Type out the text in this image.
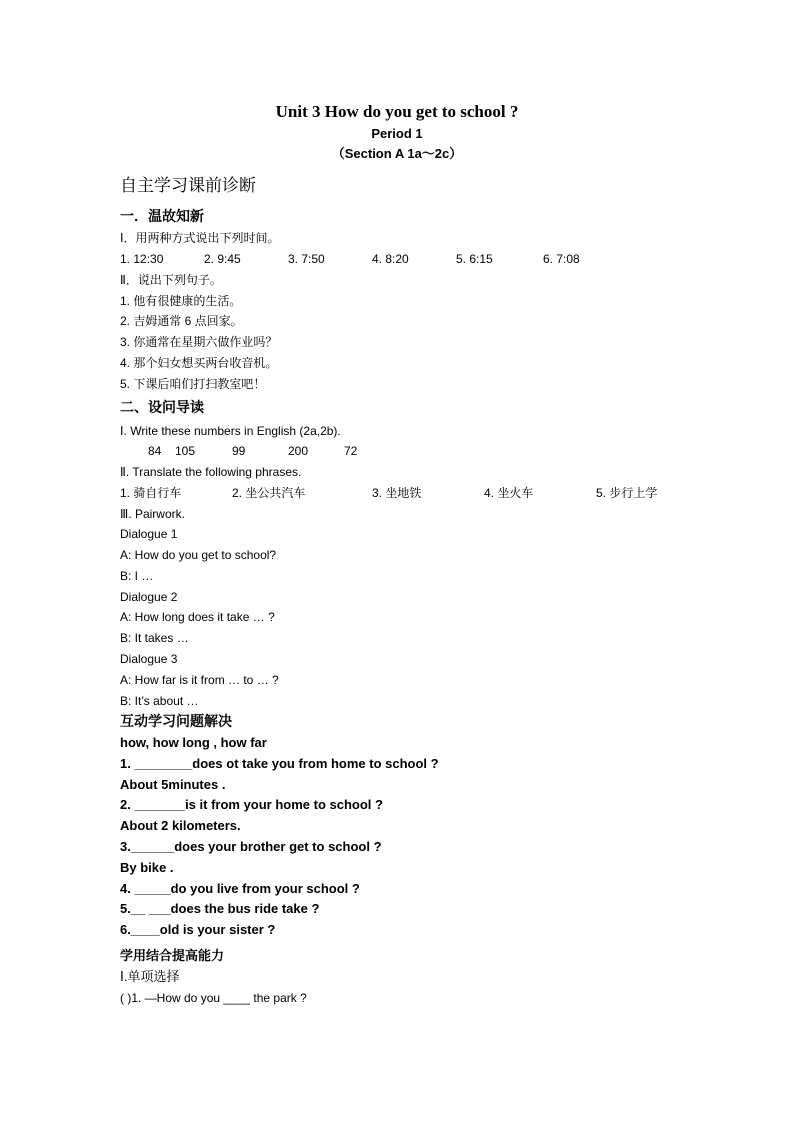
Unit 3 How do you get to school ?
Period 1
（Section A 1a～2c）
自主学习课前诊断
一．温故知新
Ⅰ．用两种方式说出下列时间。
1. 12:30	2. 9:45	3. 7:50	4. 8:20	5. 6:15	6. 7:08
Ⅱ．说出下列句子。
1. 他有很健康的生活。
2. 吉姆通常 6 点回家。
3. 你通常在星期六做作业吗？
4. 那个妇女想买两台收音机。
5. 下课后咱们打扫教室吧！
二、设问导读
Ⅰ. Write these numbers in English (2a,2b).
84 105	99	200	72
Ⅱ. Translate the following phrases.
1. 骑自行车	2. 坐公共汽车	3. 坐地铁	4. 坐火车	5. 步行上学
Ⅲ. Pairwork.
Dialogue 1
A: How do you get to school?
B: I …
Dialogue 2
A: How long does it take … ?
B: It takes …
Dialogue 3
A: How far is it from … to … ?
B: It’s about …
互动学习问题解决
how, how long , how far
1. ________does ot take you from home to school ?
About 5minutes .
2. _______is it from your home to school ?
About 2 kilometers.
3.______does your brother get to school ?
By bike .
4. _____do you live from your school ?
5.__ ___does the bus ride take ?
6.____old is your sister ?
学用结合提高能力
Ⅰ.单项选择
( )1. —How do you ____ the park ?
